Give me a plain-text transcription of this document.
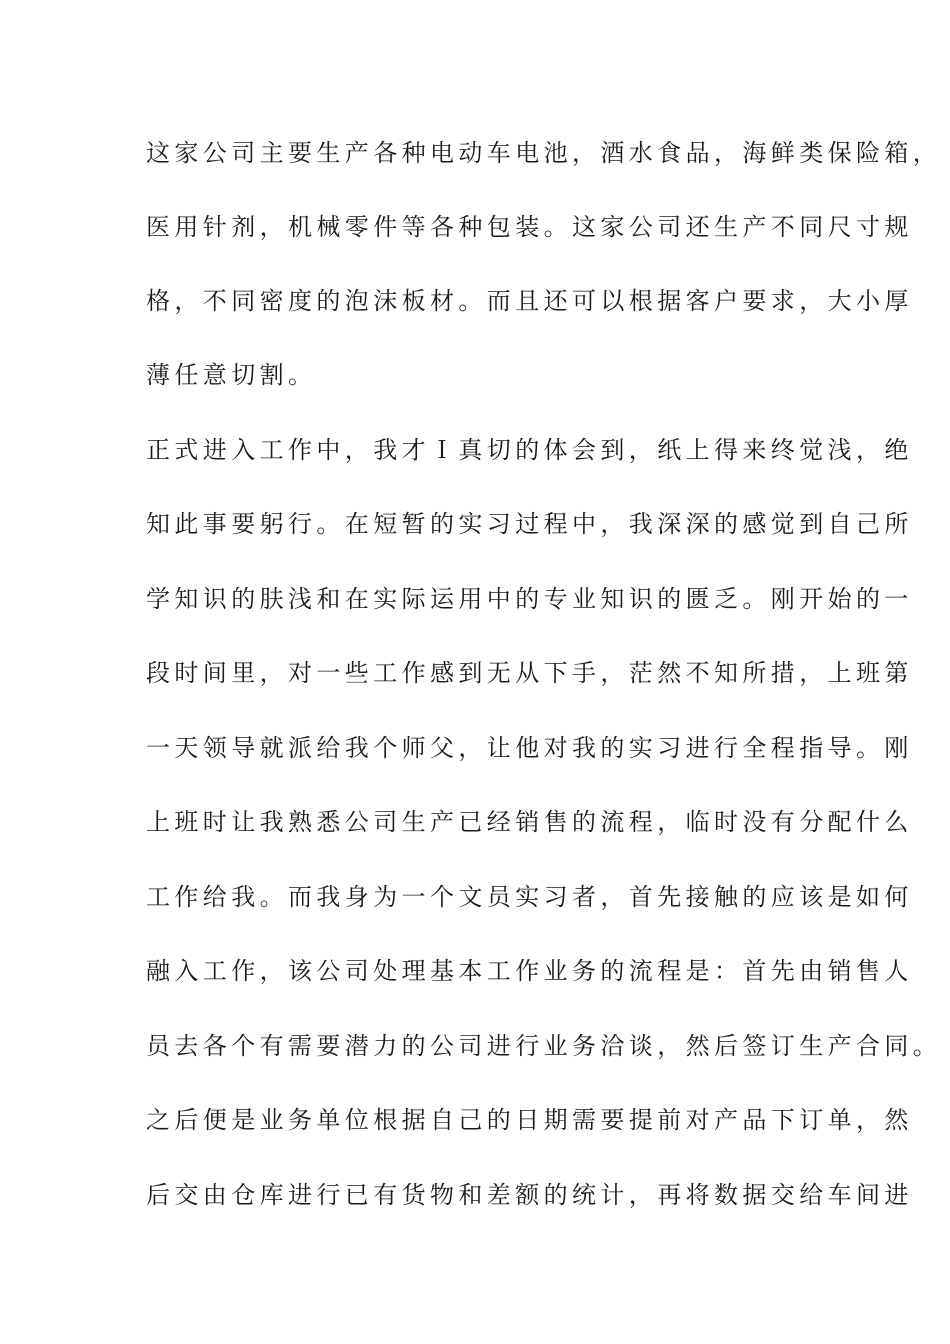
这家公司主要生产各种电动车电池，酒水食品，海鲜类保险箱，

医用针剂，机械零件等各种包装。这家公司还生产不同尺寸规

格，不同密度的泡沫板材。而且还可以根据客户要求，大小厚

薄任意切割。

正式进入工作中，我才Ｉ真切的体会到，纸上得来终觉浅，绝

知此事要躬行。在短暂的实习过程中，我深深的感觉到自己所

学知识的肤浅和在实际运用中的专业知识的匮乏。刚开始的一

段时间里，对一些工作感到无从下手，茫然不知所措，上班第

一天领导就派给我个师父，让他对我的实习进行全程指导。刚

上班时让我熟悉公司生产已经销售的流程，临时没有分配什么

工作给我。而我身为一个文员实习者，首先接触的应该是如何

融入工作，该公司处理基本工作业务的流程是：首先由销售人

员去各个有需要潜力的公司进行业务洽谈，然后签订生产合同。

之后便是业务单位根据自己的日期需要提前对产品下订单，然

后交由仓库进行已有货物和差额的统计，再将数据交给车间进
